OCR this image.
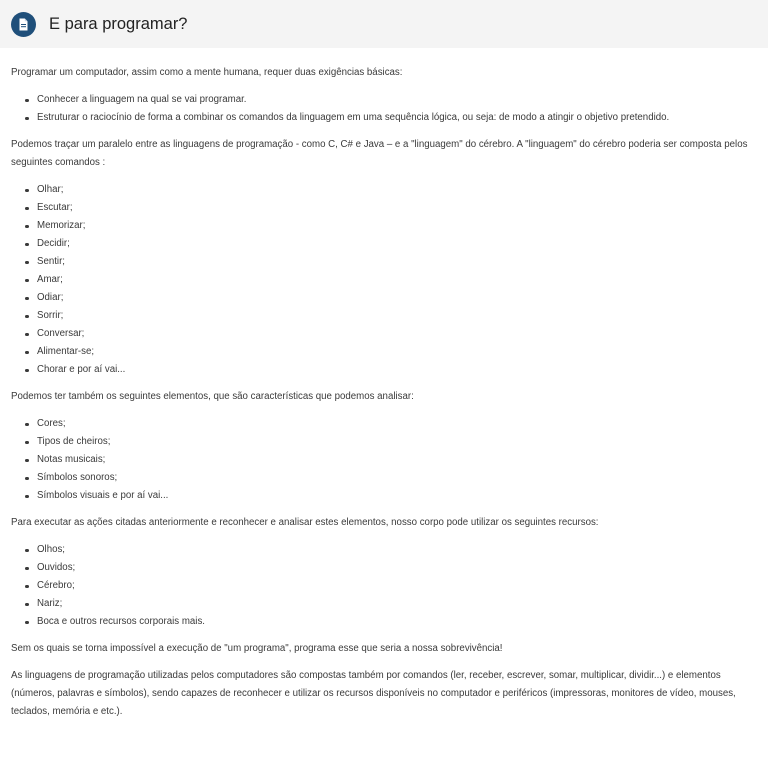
E para programar?

Programar um computador, assim como a mente humana, requer duas exigências básicas:

Conhecer a linguagem na qual se vai programar.
Estruturar o raciocínio de forma a combinar os comandos da linguagem em uma sequência lógica, ou seja: de modo a atingir o objetivo pretendido.

Podemos traçar um paralelo entre as linguagens de programação - como C, C# e Java – e a "linguagem" do cérebro. A "linguagem" do cérebro poderia ser composta pelos seguintes comandos :

Olhar;
Escutar;
Memorizar;
Decidir;
Sentir;
Amar;
Odiar;
Sorrir;
Conversar;
Alimentar-se;
Chorar e por aí vai...

Podemos ter também os seguintes elementos, que são características que podemos analisar:

Cores;
Tipos de cheiros;
Notas musicais;
Símbolos sonoros;
Símbolos visuais e por aí vai...

Para executar as ações citadas anteriormente e reconhecer e analisar estes elementos, nosso corpo pode utilizar os seguintes recursos:

Olhos;
Ouvidos;
Cérebro;
Nariz;
Boca e outros recursos corporais mais.

Sem os quais se torna impossível a execução de "um programa", programa esse que seria a nossa sobrevivência!

As linguagens de programação utilizadas pelos computadores são compostas também por comandos (ler, receber, escrever, somar, multiplicar, dividir...) e elementos (números, palavras e símbolos), sendo capazes de reconhecer e utilizar os recursos disponíveis no computador e periféricos (impressoras, monitores de vídeo, mouses, teclados, memória e etc.).
